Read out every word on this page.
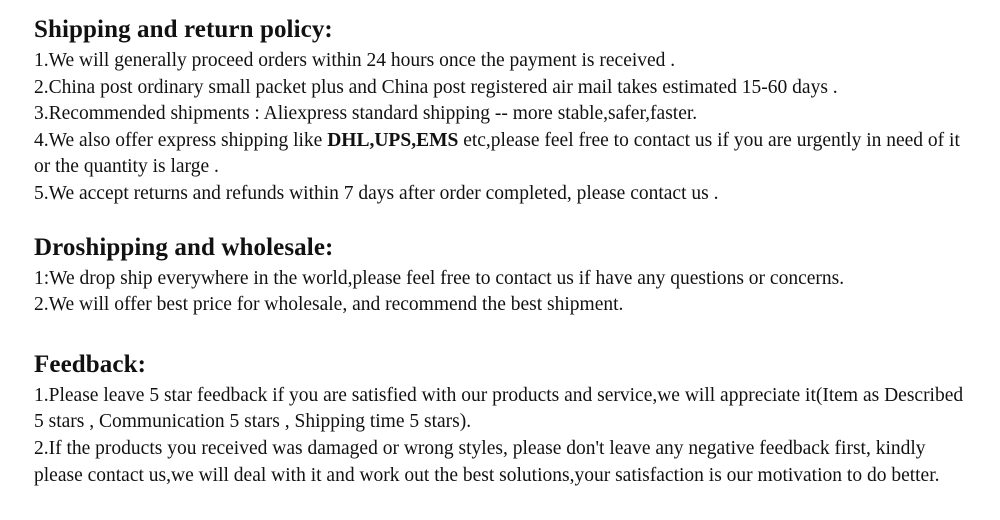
Shipping and return policy:

1.We will generally proceed orders within 24 hours once the payment is received .

2.China post ordinary small packet plus and China post registered air mail takes estimated 15-60 days .

3.Recommended shipments : Aliexpress standard shipping -- more stable,safer,faster.

4.We also offer express shipping like DHL,UPS,EMS etc,please feel free to contact us if you are urgently in need of it or the quantity is large .

5.We accept returns and refunds within 7 days after order completed, please contact us .

Droshipping and wholesale:

1:We drop ship everywhere in the world,please feel free to contact us if have any questions or concerns.

2.We will offer best price for wholesale, and recommend the best shipment.

Feedback:

1.Please leave 5 star feedback if you are satisfied with our products and service,we will appreciate it(Item as Described 5 stars , Communication 5 stars , Shipping time 5 stars).

2.If the products you received was damaged or wrong styles, please don't leave any negative feedback first, kindly please contact us,we will deal with it and work out the best solutions,your satisfaction is our motivation to do better.
